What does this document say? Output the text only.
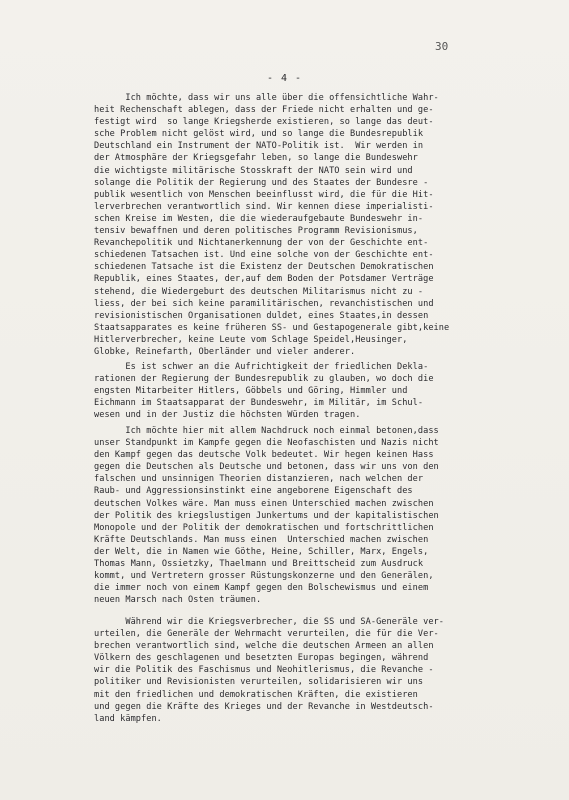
30
- 4 -

Ich möchte, dass wir uns alle über die offensichtliche Wahr-
heit Rechenschaft ablegen, dass der Friede nicht erhalten und ge-
festigt wird  so lange Kriegsherde existieren, so lange das deut-
sche Problem nicht gelöst wird, und so lange die Bundesrepublik
Deutschland ein Instrument der NATO-Politik ist.  Wir werden in
der Atmosphäre der Kriegsgefahr leben, so lange die Bundeswehr
die wichtigste militärische Stosskraft der NATO sein wird und
solange die Politik der Regierung und des Staates der Bundesre -
publik wesentlich von Menschen beeinflusst wird, die für die Hit-
lerverbrechen verantwortlich sind. Wir kennen diese imperialisti-
schen Kreise im Westen, die die wiederaufgebaute Bundeswehr in-
tensiv bewaffnen und deren politisches Programm Revisionismus,
Revanchepolitik und Nichtanerkennung der von der Geschichte ent-
schiedenen Tatsachen ist. Und eine solche von der Geschichte ent-
schiedenen Tatsache ist die Existenz der Deutschen Demokratischen
Republik, eines Staates, der,auf dem Boden der Potsdamer Verträge
stehend, die Wiedergeburt des deutschen Militarismus nicht zu -
liess, der bei sich keine paramilitärischen, revanchistischen und
revisionistischen Organisationen duldet, eines Staates,in dessen
Staatsapparates es keine früheren SS- und Gestapogenerale gibt,keine
Hitlerverbrecher, keine Leute vom Schlage Speidel,Heusinger,
Globke, Reinefarth, Oberländer und vieler anderer.

Es ist schwer an die Aufrichtigkeit der friedlichen Dekla-
rationen der Regierung der Bundesrepublik zu glauben, wo doch die
engsten Mitarbeiter Hitlers, Göbbels und Göring, Himmler und
Eichmann im Staatsapparat der Bundeswehr, im Militär, im Schul-
wesen und in der Justiz die höchsten Würden tragen.

Ich möchte hier mit allem Nachdruck noch einmal betonen,dass
unser Standpunkt im Kampfe gegen die Neofaschisten und Nazis nicht
den Kampf gegen das deutsche Volk bedeutet. Wir hegen keinen Hass
gegen die Deutschen als Deutsche und betonen, dass wir uns von den
falschen und unsinnigen Theorien distanzieren, nach welchen der
Raub- und Aggressionsinstinkt eine angeborene Eigenschaft des
deutschen Volkes wäre. Man muss einen Unterschied machen zwischen
der Politik des kriegslustigen Junkertums und der kapitalistischen
Monopole und der Politik der demokratischen und fortschrittlichen
Kräfte Deutschlands. Man muss einen  Unterschied machen zwischen
der Welt, die in Namen wie Göthe, Heine, Schiller, Marx, Engels,
Thomas Mann, Ossietzky, Thaelmann und Breittscheid zum Ausdruck
kommt, und Vertretern grosser Rüstungskonzerne und den Generälen,
die immer noch von einem Kampf gegen den Bolschewismus und einem
neuen Marsch nach Osten träumen.

Während wir die Kriegsverbrecher, die SS und SA-Generäle ver-
urteilen, die Generäle der Wehrmacht verurteilen, die für die Ver-
brechen verantwortlich sind, welche die deutschen Armeen an allen
Völkern des geschlagenen und besetzten Europas begingen, während
wir die Politik des Faschismus und Neohitlerismus, die Revanche -
politiker und Revisionisten verurteilen, solidarisieren wir uns
mit den friedlichen und demokratischen Kräften, die existieren
und gegen die Kräfte des Krieges und der Revanche in Westdeutsch-
land kämpfen.
